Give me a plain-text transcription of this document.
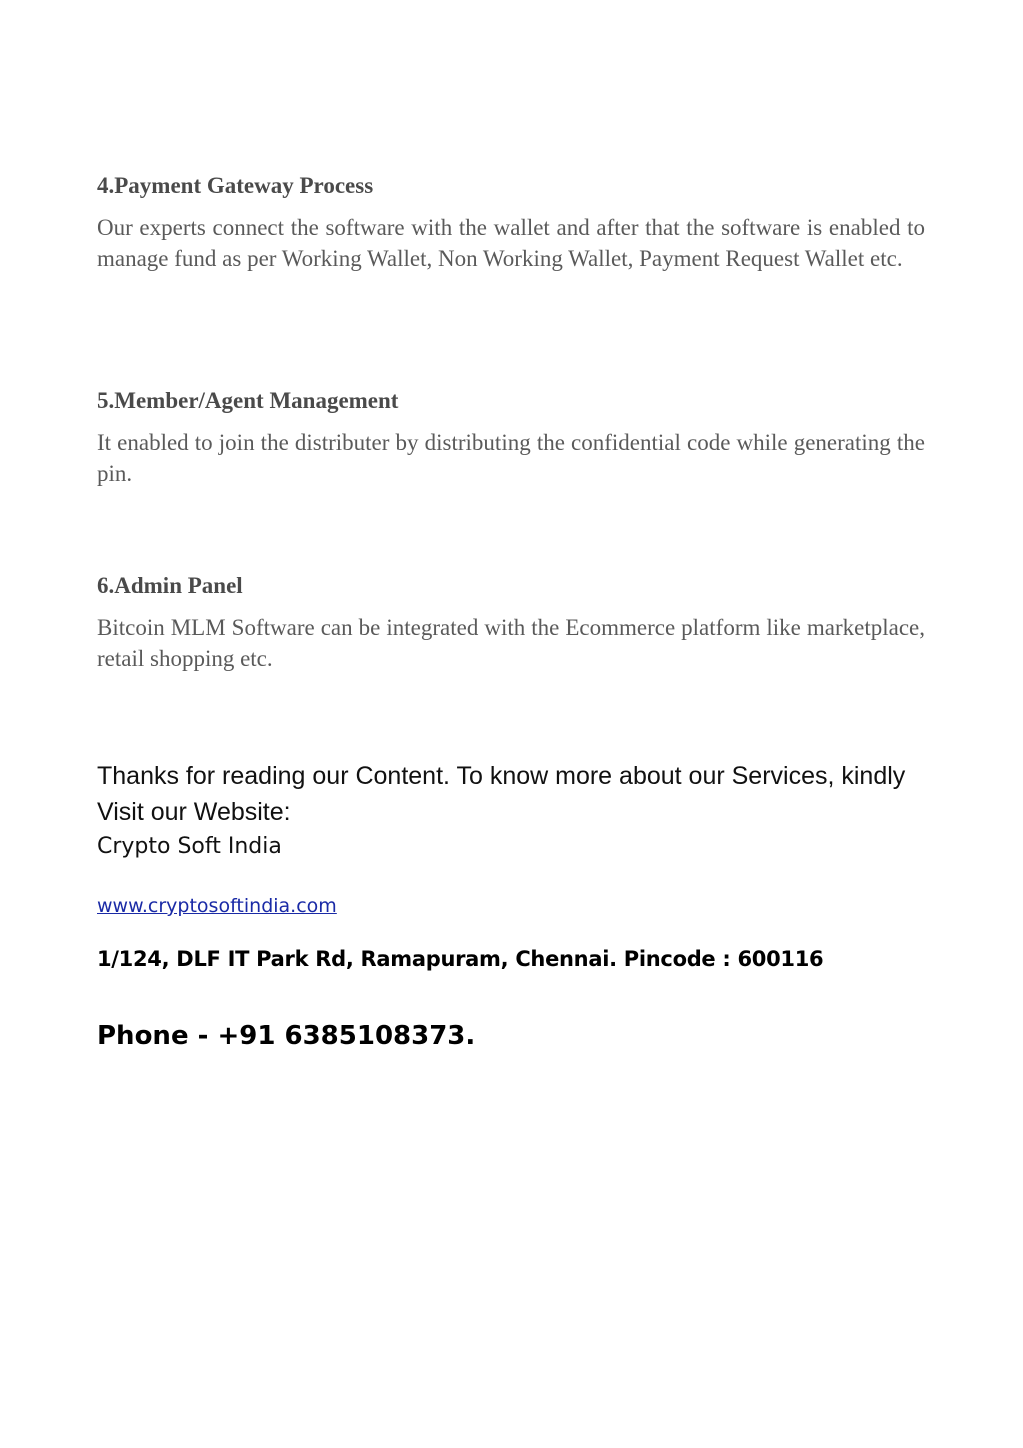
4.Payment Gateway Process

Our experts connect the software with the wallet and after that the software is enabled to manage fund as per Working Wallet, Non Working Wallet, Payment Request Wallet etc.

5.Member/Agent Management

It enabled to join the distributer by distributing the confidential code while generating the pin.

6.Admin Panel

Bitcoin MLM Software can be integrated with the Ecommerce platform like marketplace, retail shopping etc.

Thanks for reading our Content. To know more about our Services, kindly Visit our Website:

Crypto Soft India

www.cryptosoftindia.com

1/124, DLF IT Park Rd, Ramapuram, Chennai. Pincode : 600116

Phone - +91 6385108373.
